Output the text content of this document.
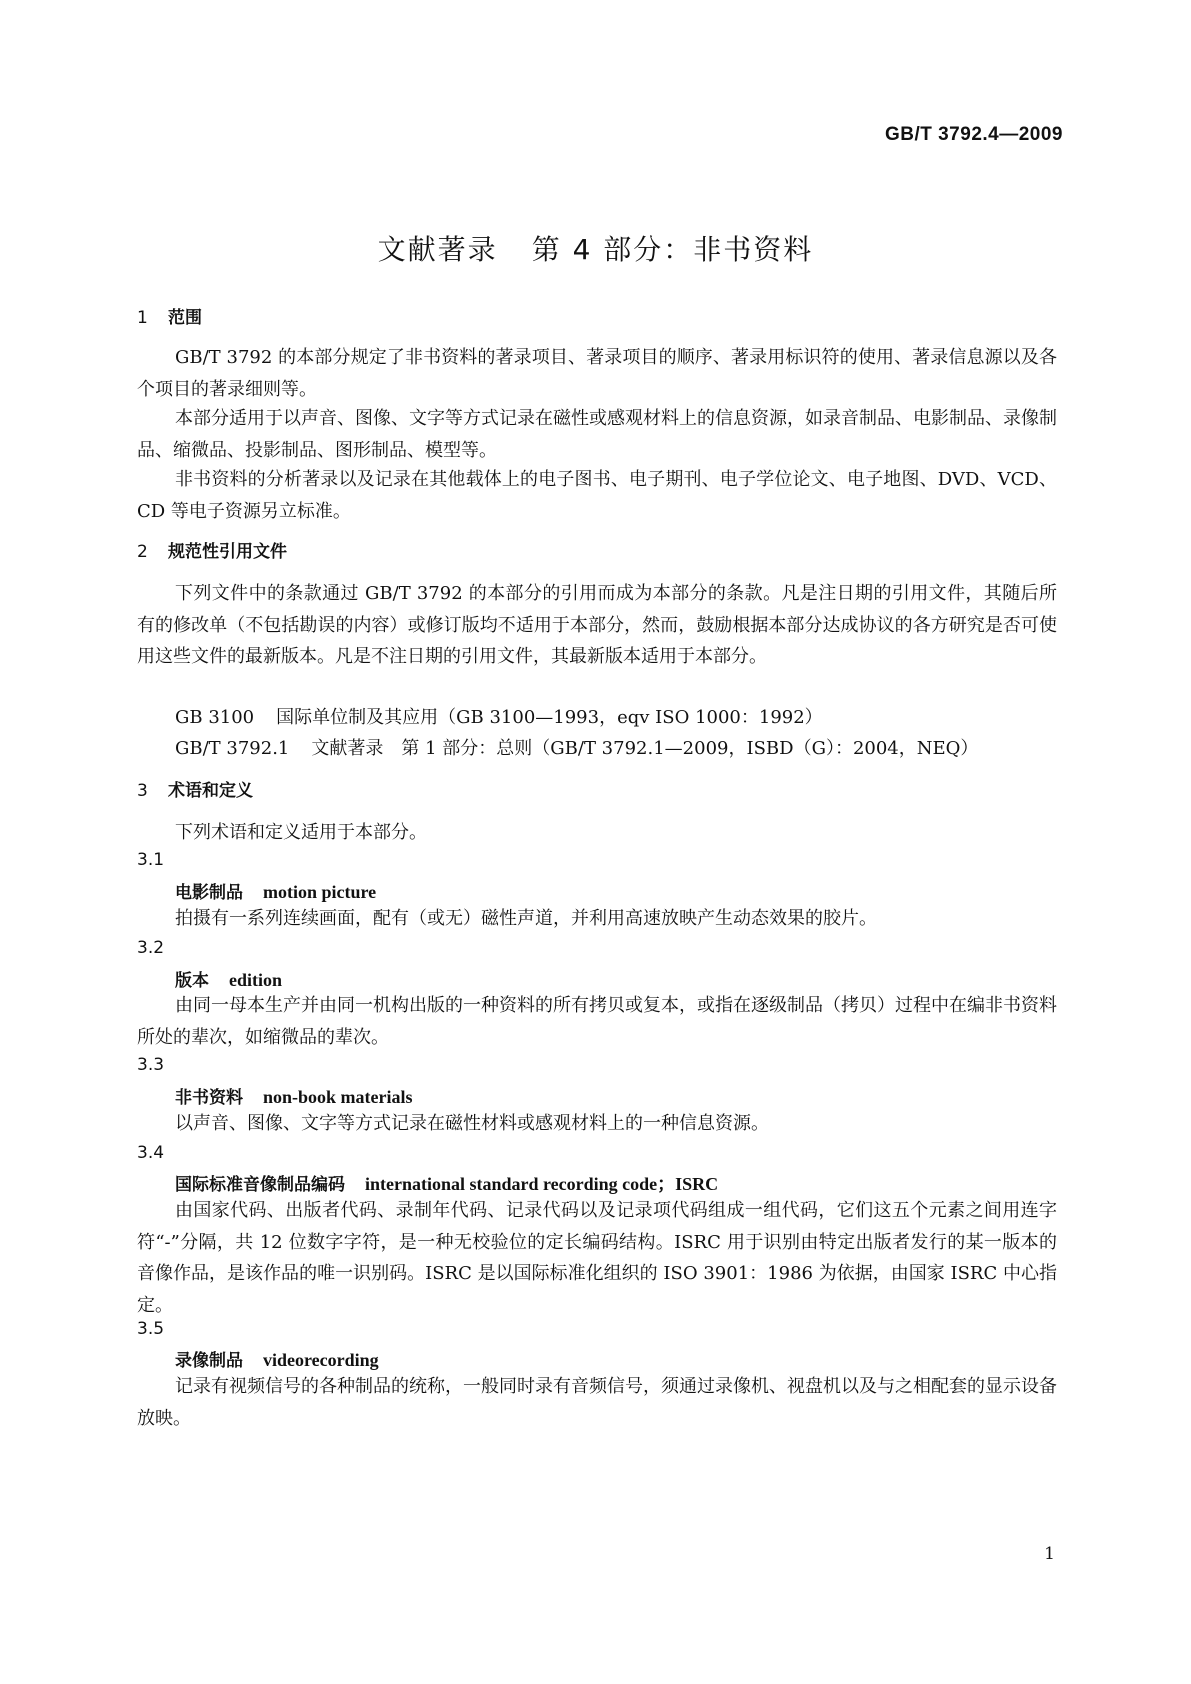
GB/T 3792.4—2009
文献著录 第 4 部分：非书资料
1 范围
GB/T 3792 的本部分规定了非书资料的著录项目、著录项目的顺序、著录用标识符的使用、著录信息源以及各个项目的著录细则等。
本部分适用于以声音、图像、文字等方式记录在磁性或感观材料上的信息资源，如录音制品、电影制品、录像制品、缩微品、投影制品、图形制品、模型等。
非书资料的分析著录以及记录在其他载体上的电子图书、电子期刊、电子学位论文、电子地图、DVD、VCD、CD 等电子资源另立标准。
2 规范性引用文件
下列文件中的条款通过 GB/T 3792 的本部分的引用而成为本部分的条款。凡是注日期的引用文件，其随后所有的修改单（不包括勘误的内容）或修订版均不适用于本部分，然而，鼓励根据本部分达成协议的各方研究是否可使用这些文件的最新版本。凡是不注日期的引用文件，其最新版本适用于本部分。
GB 3100 国际单位制及其应用（GB 3100—1993，eqv ISO 1000：1992）
GB/T 3792.1 文献著录　第 1 部分：总则（GB/T 3792.1—2009，ISBD（G）：2004，NEQ）
3 术语和定义
下列术语和定义适用于本部分。
3.1
电影制品 motion picture
拍摄有一系列连续画面，配有（或无）磁性声道，并利用高速放映产生动态效果的胶片。
3.2
版本 edition
由同一母本生产并由同一机构出版的一种资料的所有拷贝或复本，或指在逐级制品（拷贝）过程中在编非书资料所处的辈次，如缩微品的辈次。
3.3
非书资料 non-book materials
以声音、图像、文字等方式记录在磁性材料或感观材料上的一种信息资源。
3.4
国际标准音像制品编码 international standard recording code；ISRC
由国家代码、出版者代码、录制年代码、记录代码以及记录项代码组成一组代码，它们这五个元素之间用连字符“-”分隔，共 12 位数字字符，是一种无校验位的定长编码结构。ISRC 用于识别由特定出版者发行的某一版本的音像作品，是该作品的唯一识别码。ISRC 是以国际标准化组织的 ISO 3901：1986 为依据，由国家 ISRC 中心指定。
3.5
录像制品 videorecording
记录有视频信号的各种制品的统称，一般同时录有音频信号，须通过录像机、视盘机以及与之相配套的显示设备放映。
1
